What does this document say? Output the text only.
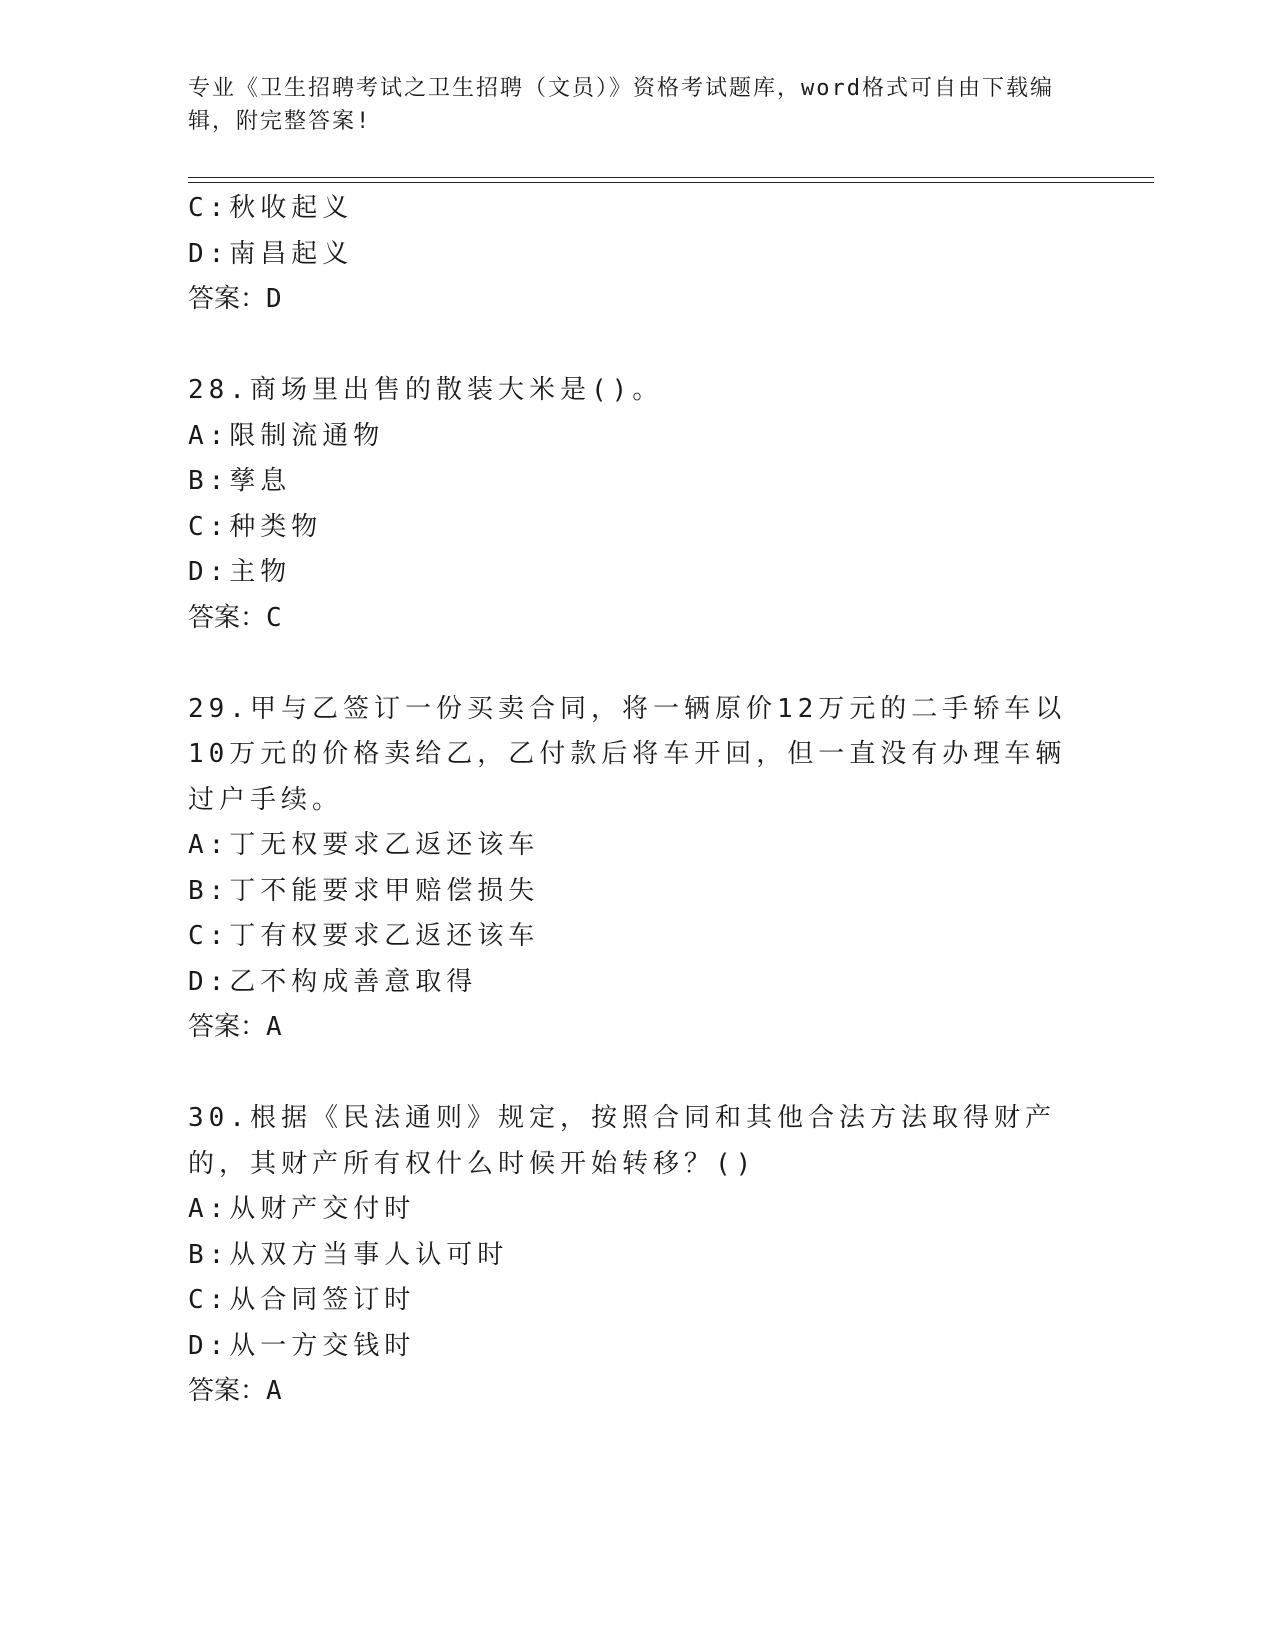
专业《卫生招聘考试之卫生招聘（文员）》资格考试题库，word格式可自由下载编辑，附完整答案!
C:秋收起义
D:南昌起义
答案：D
28.商场里出售的散装大米是()。
A:限制流通物
B:孳息
C:种类物
D:主物
答案：C
29.甲与乙签订一份买卖合同，将一辆原价12万元的二手轿车以10万元的价格卖给乙，乙付款后将车开回，但一直没有办理车辆过户手续。
A:丁无权要求乙返还该车
B:丁不能要求甲赔偿损失
C:丁有权要求乙返还该车
D:乙不构成善意取得
答案：A
30.根据《民法通则》规定，按照合同和其他合法方法取得财产的，其财产所有权什么时候开始转移？()
A:从财产交付时
B:从双方当事人认可时
C:从合同签订时
D:从一方交钱时
答案：A
